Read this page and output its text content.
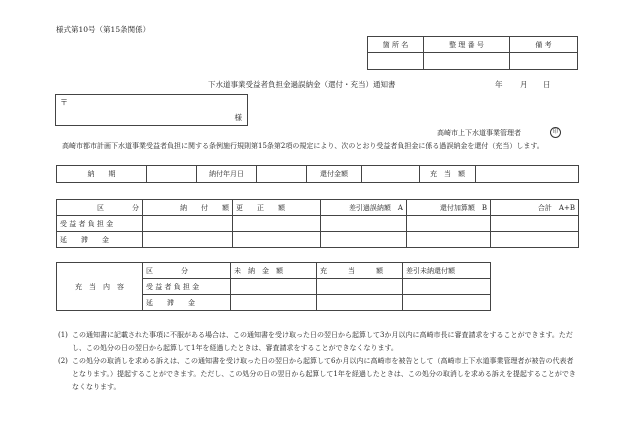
様式第10号（第15条関係）
箇 所 名	整 理 番 号	備 考

下水道事業受益者負担金過誤納金（還付・充当）通知書	年 月 日
〒
様
高崎市上下水道事業管理者	印
高崎市都市計画下水道事業受益者負担に関する条例施行規則第15条第2項の規定により、次のとおり受益者負担金に係る過誤納金を還付（充当）します。
納　　期		納付年月日		還付金額		充　当　額	
区　　　　分	納　　付　　額	更　　正　　額	差引過誤納額　A	還付加算額　B	合計　A+B
受 益 者 負 担 金					
延　　滞　　金					
充　当　内　容	区　　　　分	未　納　金　額	充　　　当　　　額	差引未納還付額
	受 益 者 負 担 金			
	延　　滞　　金			
(1) この通知書に記載された事項に不服がある場合は、この通知書を受け取った日の翌日から起算して3か月以内に高崎市長に審査請求をすることができます。ただし、この処分の日の翌日から起算して1年を経過したときは、審査請求をすることができなくなります。
(2) この処分の取消しを求める訴えは、この通知書を受け取った日の翌日から起算して6か月以内に高崎市を被告として（高崎市上下水道事業管理者が被告の代表者となります。）提起することができます。ただし、この処分の日の翌日から起算して1年を経過したときは、この処分の取消しを求める訴えを提起することができなくなります。
